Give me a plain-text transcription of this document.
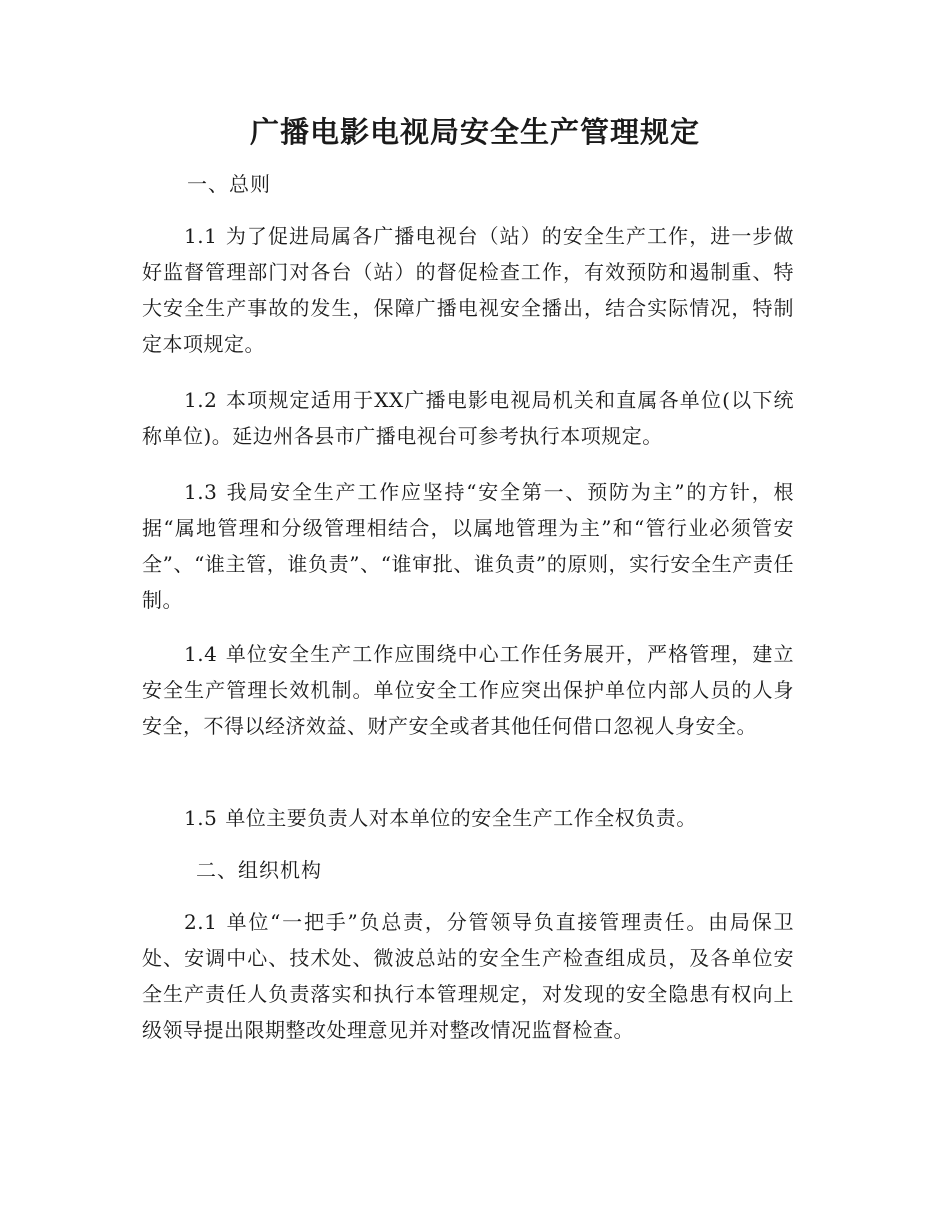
广播电影电视局安全生产管理规定

一、总则

1.1 为了促进局属各广播电视台（站）的安全生产工作，进一步做好监督管理部门对各台（站）的督促检查工作，有效预防和遏制重、特大安全生产事故的发生，保障广播电视安全播出，结合实际情况，特制定本项规定。

1.2 本项规定适用于XX广播电影电视局机关和直属各单位(以下统称单位)。延边州各县市广播电视台可参考执行本项规定。

1.3 我局安全生产工作应坚持“安全第一、预防为主”的方针，根据“属地管理和分级管理相结合，以属地管理为主”和“管行业必须管安全”、“谁主管，谁负责”、“谁审批、谁负责”的原则，实行安全生产责任制。

1.4 单位安全生产工作应围绕中心工作任务展开，严格管理，建立安全生产管理长效机制。单位安全工作应突出保护单位内部人员的人身安全，不得以经济效益、财产安全或者其他任何借口忽视人身安全。

1.5 单位主要负责人对本单位的安全生产工作全权负责。

二、组织机构

2.1 单位“一把手”负总责，分管领导负直接管理责任。由局保卫处、安调中心、技术处、微波总站的安全生产检查组成员，及各单位安全生产责任人负责落实和执行本管理规定，对发现的安全隐患有权向上级领导提出限期整改处理意见并对整改情况监督检查。
